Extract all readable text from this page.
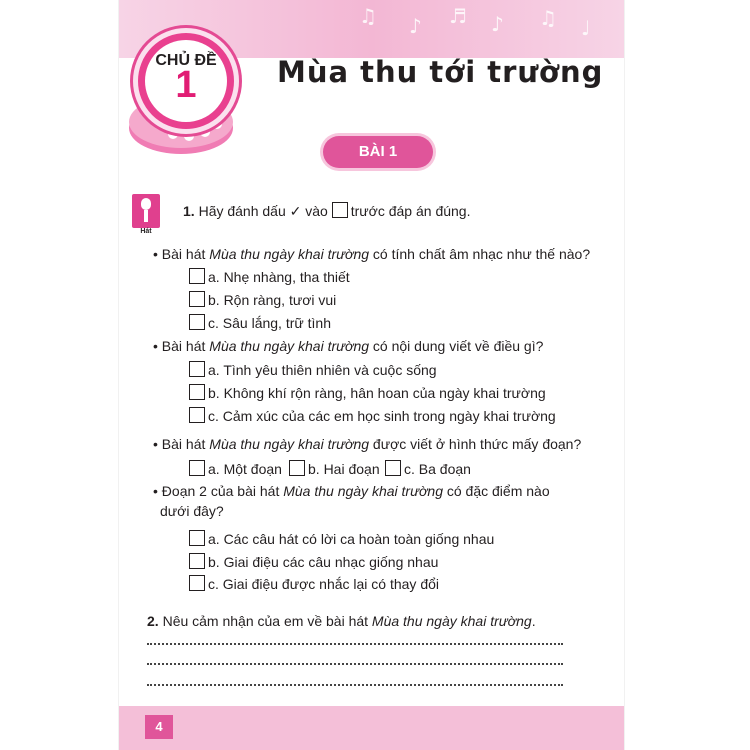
♫ ♪ ♬ ♪ ♫ ♩
CHỦ ĐỀ
1	Mùa thu tới trường

BÀI 1
Hát
1. Hãy đánh dấu ✓ vào trước đáp án đúng.
• Bài hát Mùa thu ngày khai trường có tính chất âm nhạc như thế nào?
a. Nhẹ nhàng, tha thiết
b. Rộn ràng, tươi vui
c. Sâu lắng, trữ tình
• Bài hát Mùa thu ngày khai trường có nội dung viết về điều gì?
a. Tình yêu thiên nhiên và cuộc sống
b. Không khí rộn ràng, hân hoan của ngày khai trường
c. Cảm xúc của các em học sinh trong ngày khai trường
• Bài hát Mùa thu ngày khai trường được viết ở hình thức mấy đoạn?
a. Một đoạn	b. Hai đoạn	c. Ba đoạn
• Đoạn 2 của bài hát Mùa thu ngày khai trường có đặc điểm nào
dưới đây?
a. Các câu hát có lời ca hoàn toàn giống nhau
b. Giai điệu các câu nhạc giống nhau
c. Giai điệu được nhắc lại có thay đổi
2. Nêu cảm nhận của em về bài hát Mùa thu ngày khai trường.
4
